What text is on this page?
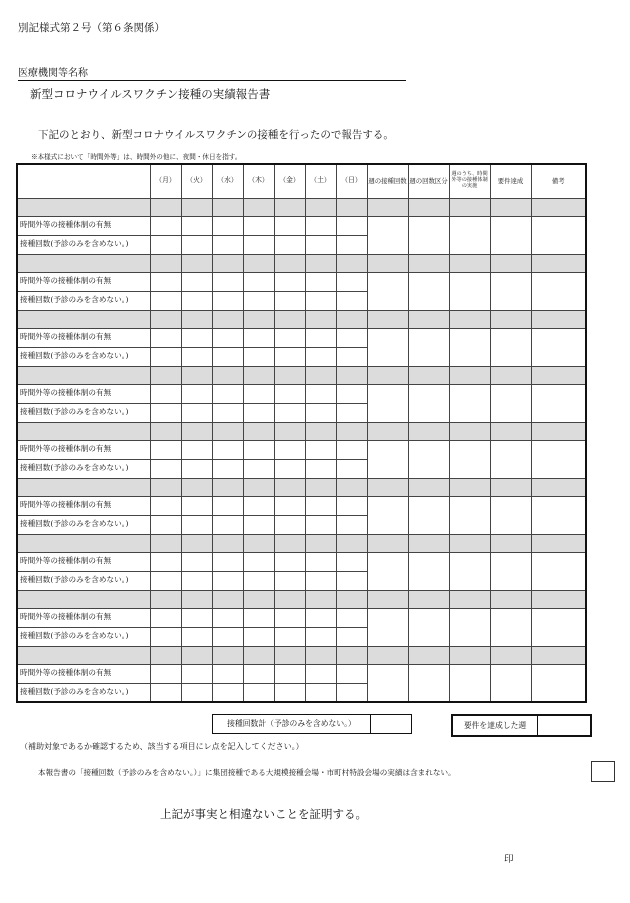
別記様式第２号（第６条関係）
医療機関等名称
新型コロナウイルスワクチン接種の実績報告書
下記のとおり、新型コロナウイルスワクチンの接種を行ったので報告する。
※本様式において「時間外等」は、時間外の他に、夜間・休日を指す。
	（月）	（火）	（水）	（木）	（金）	（土）	（日）	週の接種回数	週の回数区分	週のうち、時間外等の接種体制の実施	要件達成	備考

時間外等の接種体制の有無												
接種回数(予診のみを含めない。)												

時間外等の接種体制の有無												
接種回数(予診のみを含めない。)												

時間外等の接種体制の有無												
接種回数(予診のみを含めない。)												

時間外等の接種体制の有無												
接種回数(予診のみを含めない。)												

時間外等の接種体制の有無												
接種回数(予診のみを含めない。)												

時間外等の接種体制の有無												
接種回数(予診のみを含めない。)												

時間外等の接種体制の有無												
接種回数(予診のみを含めない。)												

時間外等の接種体制の有無												
接種回数(予診のみを含めない。)												

時間外等の接種体制の有無												
接種回数(予診のみを含めない。)												
接種回数計（予診のみを含めない。）	要件を達成した週
（補助対象であるか確認するため、該当する項目にレ点を記入してください。）
本報告書の「接種回数（予診のみを含めない。）」に集団接種である大規模接種会場・市町村特設会場の実績は含まれない。
上記が事実と相違ないことを証明する。
印
